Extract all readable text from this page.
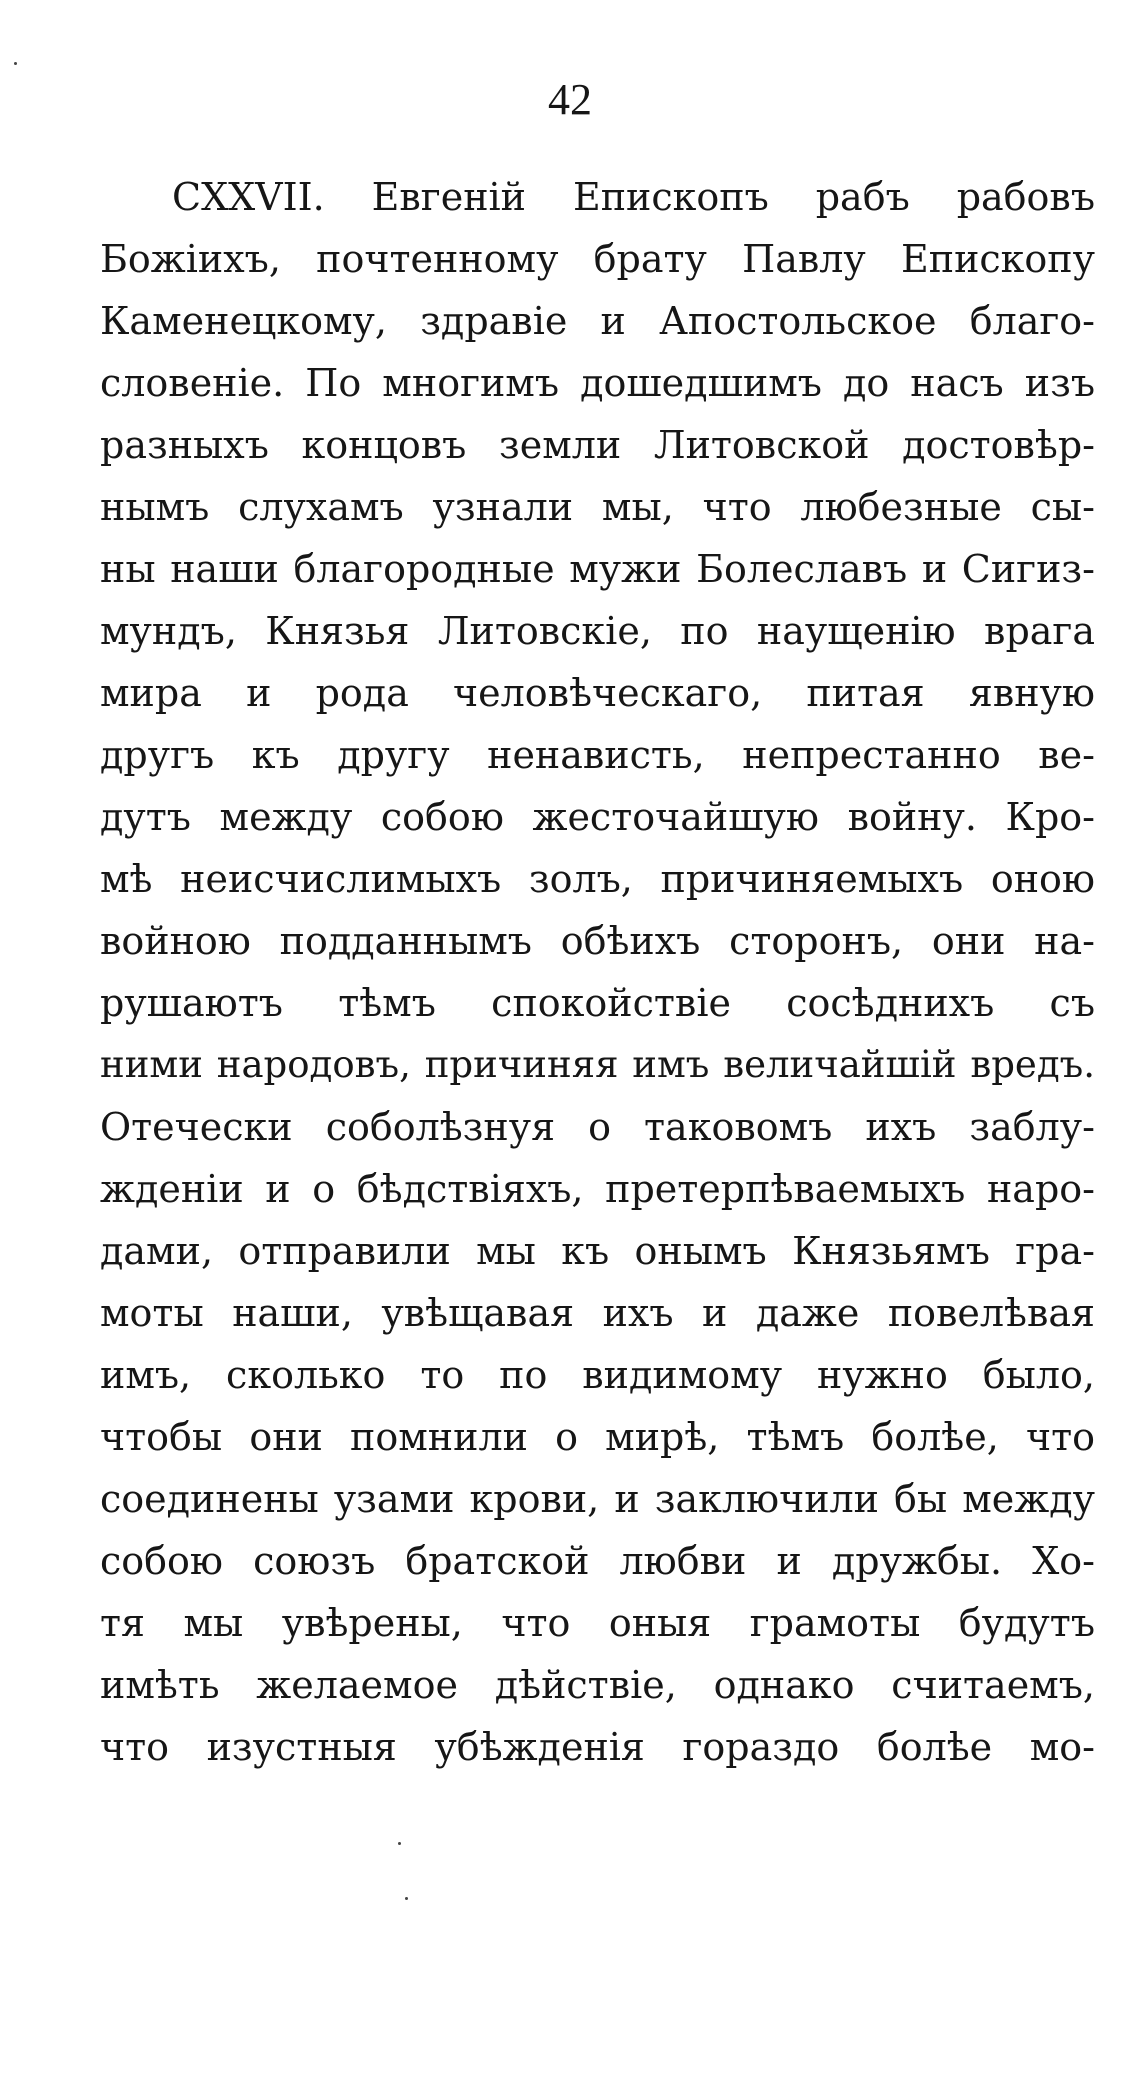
42
CXXVII. Евгеній Епископъ рабъ рабовъ
Божіихъ, почтенному брату Павлу Епископу
Каменецкому, здравіе и Апостольское благо-
словеніе. По многимъ дошедшимъ до насъ изъ
разныхъ концовъ земли Литовской достовѣр-
нымъ слухамъ узнали мы, что любезные сы-
ны наши благородные мужи Болеславъ и Сигиз-
мундъ, Князья Литовскіе, по наущенію врага
мира и рода человѣческаго, питая явную
другъ къ другу ненависть, непрестанно ве-
дутъ между собою жесточайшую войну. Кро-
мѣ неисчислимыхъ золъ, причиняемыхъ оною
войною подданнымъ обѣихъ сторонъ, они на-
рушаютъ тѣмъ спокойствіе сосѣднихъ съ
ними народовъ, причиняя имъ величайшій вредъ.
Отечески соболѣзнуя о таковомъ ихъ заблу-
жденіи и о бѣдствіяхъ, претерпѣваемыхъ наро-
дами, отправили мы къ онымъ Князьямъ гра-
моты наши, увѣщавая ихъ и даже повелѣвая
имъ, сколько то по видимому нужно было,
чтобы они помнили о мирѣ, тѣмъ болѣе, что
соединены узами крови, и заключили бы между
собою союзъ братской любви и дружбы. Хо-
тя мы увѣрены, что оныя грамоты будутъ
имѣть желаемое дѣйствіе, однако считаемъ,
что изустныя убѣжденія гораздо болѣе мо-
